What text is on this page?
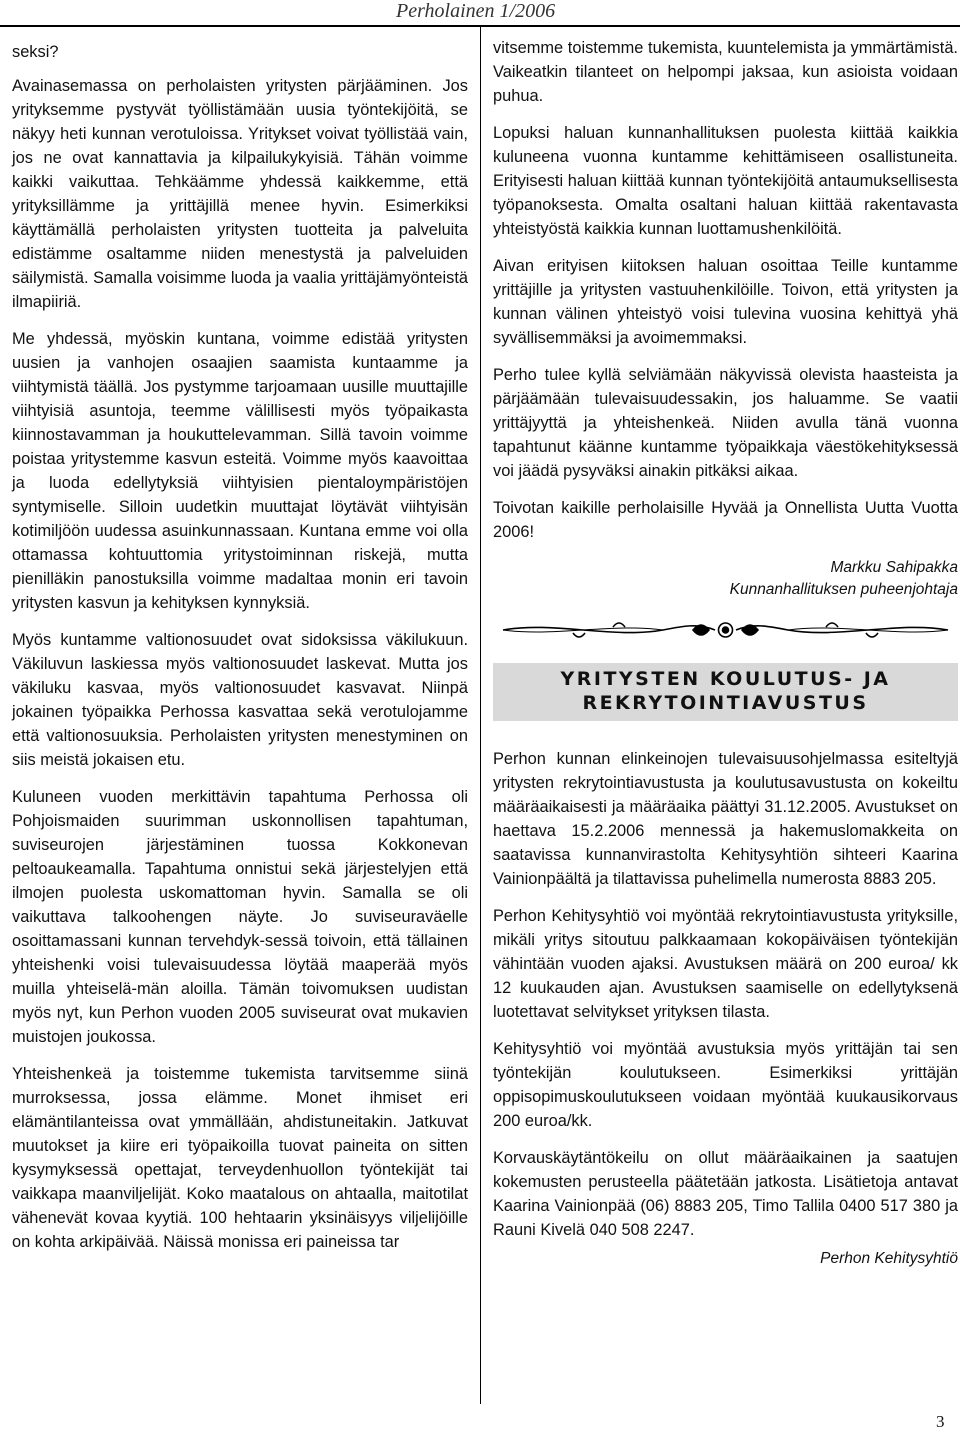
Perholainen 1/2006

seksi?

Avainasemassa on perholaisten yritysten pärjääminen. Jos yrityksemme pystyvät työllistämään uusia työntekijöitä, se näkyy heti kunnan verotuloissa. Yritykset voivat työllistää vain, jos ne ovat kannattavia ja kilpailukykyisiä. Tähän voimme kaikki vaikuttaa. Tehkäämme yhdessä kaikkemme, että yrityksillämme ja yrittäjillä menee hyvin. Esimerkiksi käyttämällä perholaisten yritysten tuotteita ja palveluita edistämme osaltamme niiden menestystä ja palveluiden säilymistä. Samalla voisimme luoda ja vaalia yrittäjämyönteistä ilmapiiriä.

Me yhdessä, myöskin kuntana, voimme edistää yritysten uusien ja vanhojen osaajien saamista kuntaamme ja viihtymistä täällä. Jos pystymme tarjoamaan uusille muuttajille viihtyisiä asuntoja, teemme välillisesti myös työpaikasta kiinnostavamman ja houkuttelevamman. Sillä tavoin voimme poistaa yritystemme kasvun esteitä. Voimme myös kaavoittaa ja luoda edellytyksiä viihtyisien pientaloympäristöjen syntymiselle. Silloin uudetkin muuttajat löytävät viihtyisän kotimiljöön uudessa asuinkunnassaan. Kuntana emme voi olla ottamassa kohtuuttomia yritystoiminnan riskejä, mutta pienilläkin panostuksilla voimme madaltaa monin eri tavoin yritysten kasvun ja kehityksen kynnyksiä.

Myös kuntamme valtionosuudet ovat sidoksissa väkilukuun. Väkiluvun laskiessa myös valtionosuudet laskevat. Mutta jos väkiluku kasvaa, myös valtionosuudet kasvavat. Niinpä jokainen työpaikka Perhossa kasvattaa sekä verotulojamme että valtionosuuksia. Perholaisten yritysten menestyminen on siis meistä jokaisen etu.

Kuluneen vuoden merkittävin tapahtuma Perhossa oli Pohjoismaiden suurimman uskonnollisen tapahtuman, suviseurojen järjestäminen tuossa Kokkonevan peltoaukeamalla. Tapahtuma onnistui sekä järjestelyjen että ilmojen puolesta uskomattoman hyvin. Samalla se oli vaikuttava talkoohengen näyte. Jo suviseuraväelle osoittamassani kunnan tervehdyk-sessä toivoin, että tällainen yhteishenki voisi tulevaisuudessa löytää maaperää myös muilla yhteiselä-män aloilla. Tämän toivomuksen uudistan myös nyt, kun Perhon vuoden 2005 suviseurat ovat mukavien muistojen joukossa.

Yhteishenkeä ja toistemme tukemista tarvitsemme siinä murroksessa, jossa elämme. Monet ihmiset eri elämäntilanteissa ovat ymmällään, ahdistuneitakin. Jatkuvat muutokset ja kiire eri työpaikoilla tuovat paineita on sitten kysymyksessä opettajat, terveydenhuollon työntekijät tai vaikkapa maanviljelijät. Koko maatalous on ahtaalla, maitotilat vähenevät kovaa kyytiä. 100 hehtaarin yksinäisyys viljelijöille on kohta arkipäivää. Näissä monissa eri paineissa tar

vitsemme toistemme tukemista, kuuntelemista ja ymmärtämistä. Vaikeatkin tilanteet on helpompi jaksaa, kun asioista voidaan puhua.

Lopuksi haluan kunnanhallituksen puolesta kiittää kaikkia kuluneena vuonna kuntamme kehittämiseen osallistuneita. Erityisesti haluan kiittää kunnan työntekijöitä antaumuksellisesta työpanoksesta. Omalta osaltani haluan kiittää rakentavasta yhteistyöstä kaikkia kunnan luottamushenkilöitä.

Aivan erityisen kiitoksen haluan osoittaa Teille kuntamme yrittäjille ja yritysten vastuuhenkilöille. Toivon, että yritysten ja kunnan välinen yhteistyö voisi tulevina vuosina kehittyä yhä syvällisemmäksi ja avoimemmaksi.

Perho tulee kyllä selviämään näkyvissä olevista haasteista ja pärjäämään tulevaisuudessakin, jos haluamme. Se vaatii yrittäjyyttä ja yhteishenkeä. Niiden avulla tänä vuonna tapahtunut käänne kuntamme työpaikkaja väestökehityksessä voi jäädä pysyväksi ainakin pitkäksi aikaa.

Toivotan kaikille perholaisille Hyvää ja Onnellista Uutta Vuotta 2006!

Markku Sahipakka
Kunnanhallituksen puheenjohtaja
YRITYSTEN KOULUTUS- JA
REKRYTOINTIAVUSTUS

Perhon kunnan elinkeinojen tulevaisuusohjelmassa esiteltyjä yritysten rekrytointiavustusta ja koulutusavustusta on kokeiltu määräaikaisesti ja määräaika päättyi 31.12.2005. Avustukset on haettava 15.2.2006 mennessä ja hakemuslomakkeita on saatavissa kunnanvirastolta Kehitysyhtiön sihteeri Kaarina Vainionpäältä ja tilattavissa puhelimella numerosta 8883 205.

Perhon Kehitysyhtiö voi myöntää rekrytointiavustusta yrityksille, mikäli yritys sitoutuu palkkaamaan kokopäiväisen työntekijän vähintään vuoden ajaksi. Avustuksen määrä on 200 euroa/ kk 12 kuukauden ajan. Avustuksen saamiselle on edellytyksenä luotettavat selvitykset yrityksen tilasta.

Kehitysyhtiö voi myöntää avustuksia myös yrittäjän tai sen työntekijän koulutukseen. Esimerkiksi yrittäjän oppisopimuskoulutukseen voidaan myöntää kuukausikorvaus 200 euroa/kk.

Korvauskäytäntökeilu on ollut määräaikainen ja saatujen kokemusten perusteella päätetään jatkosta. Lisätietoja antavat Kaarina Vainionpää (06) 8883 205, Timo Tallila 0400 517 380 ja Rauni Kivelä 040 508 2247.

Perhon Kehitysyhtiö
3
